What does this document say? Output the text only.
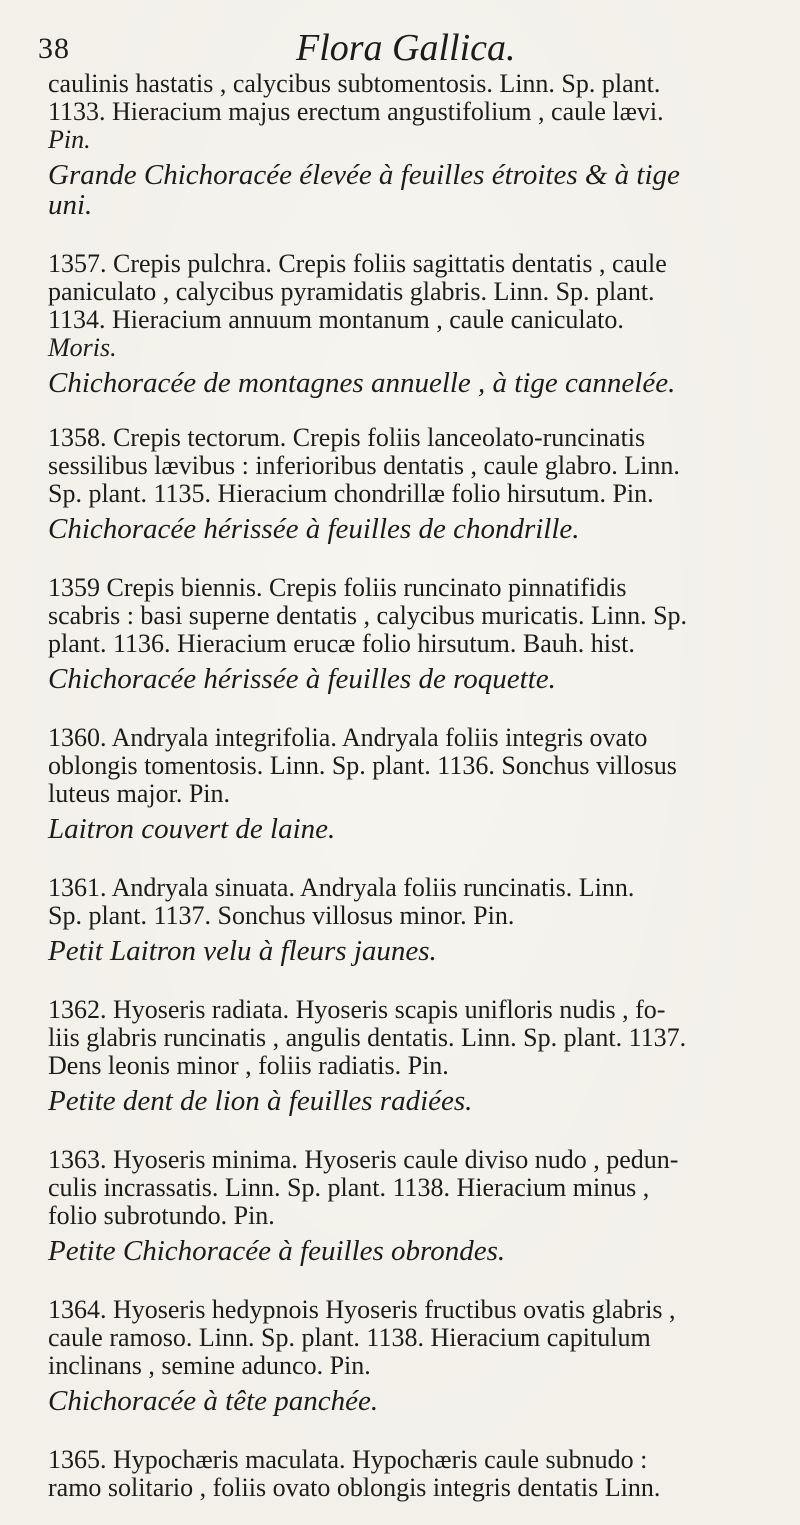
38	Flora Gallica.
caulinis hastatis , calycibus subtomentosis. Linn. Sp. plant.
1133. Hieracium majus erectum angustifolium , caule lævi.
Pin.
Grande Chichoracée élevée à feuilles étroites & à tige
uni.
1357. Crepis pulchra. Crepis foliis sagittatis dentatis , caule
paniculato , calycibus pyramidatis glabris. Linn. Sp. plant.
1134. Hieracium annuum montanum , caule caniculato.
Moris.
Chichoracée de montagnes annuelle , à tige cannelée.
1358. Crepis tectorum. Crepis foliis lanceolato-runcinatis
sessilibus lævibus : inferioribus dentatis , caule glabro. Linn.
Sp. plant. 1135. Hieracium chondrillæ folio hirsutum. Pin.
Chichoracée hérissée à feuilles de chondrille.
1359 Crepis biennis. Crepis foliis runcinato pinnatifidis
scabris : basi superne dentatis , calycibus muricatis. Linn. Sp.
plant. 1136. Hieracium erucæ folio hirsutum. Bauh. hist.
Chichoracée hérissée à feuilles de roquette.
1360. Andryala integrifolia. Andryala foliis integris ovato
oblongis tomentosis. Linn. Sp. plant. 1136. Sonchus villosus
luteus major. Pin.
Laitron couvert de laine.
1361. Andryala sinuata. Andryala foliis runcinatis. Linn.
Sp. plant. 1137. Sonchus villosus minor. Pin.
Petit Laitron velu à fleurs jaunes.
1362. Hyoseris radiata. Hyoseris scapis unifloris nudis , fo-
liis glabris runcinatis , angulis dentatis. Linn. Sp. plant. 1137.
Dens leonis minor , foliis radiatis. Pin.
Petite dent de lion à feuilles radiées.
1363. Hyoseris minima. Hyoseris caule diviso nudo , pedun-
culis incrassatis. Linn. Sp. plant. 1138. Hieracium minus ,
folio subrotundo. Pin.
Petite Chichoracée à feuilles obrondes.
1364. Hyoseris hedypnois Hyoseris fructibus ovatis glabris ,
caule ramoso. Linn. Sp. plant. 1138. Hieracium capitulum
inclinans , semine adunco. Pin.
Chichoracée à tête panchée.
1365. Hypochæris maculata. Hypochæris caule subnudo :
ramo solitario , foliis ovato oblongis integris dentatis Linn.
